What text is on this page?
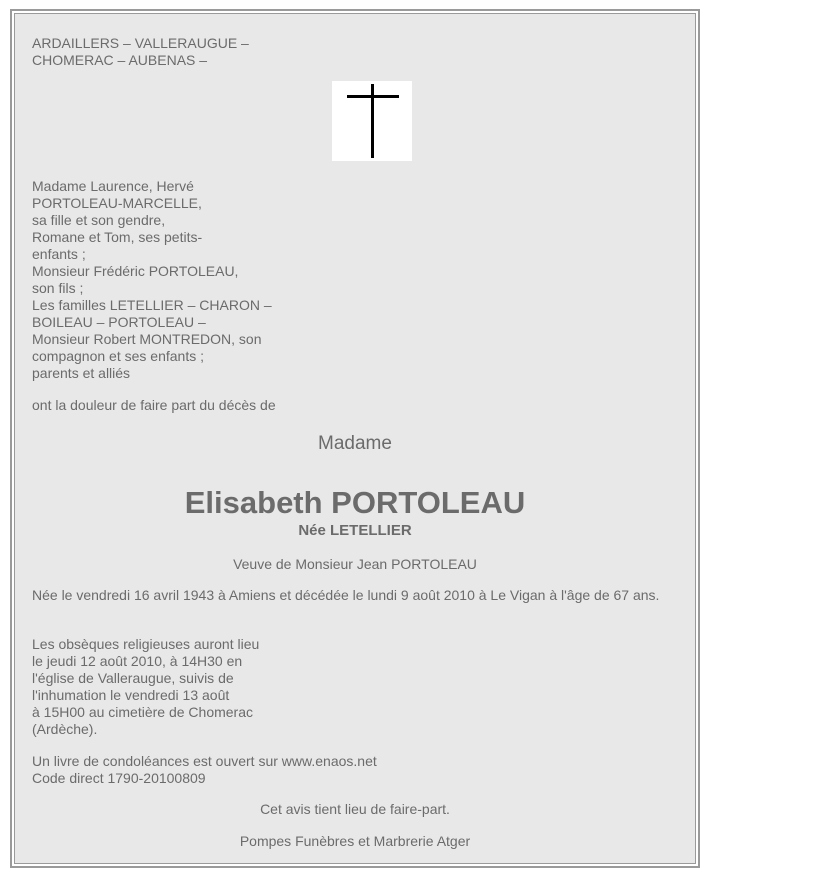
ARDAILLERS – VALLERAUGUE –
CHOMERAC – AUBENAS –
Madame Laurence, Hervé
PORTOLEAU-MARCELLE,
sa fille et son gendre,
Romane et Tom, ses petits-
enfants ;
Monsieur Frédéric PORTOLEAU,
son fils ;
Les familles LETELLIER – CHARON –
BOILEAU – PORTOLEAU –
Monsieur Robert MONTREDON, son
compagnon et ses enfants ;
parents et alliés
ont la douleur de faire part du décès de
Madame
Elisabeth PORTOLEAU
Née LETELLIER
Veuve de Monsieur Jean PORTOLEAU
Née le vendredi 16 avril 1943 à Amiens et décédée le lundi 9 août 2010 à Le Vigan à l'âge de 67 ans.
Les obsèques religieuses auront lieu
le jeudi 12 août 2010, à 14H30 en
l'église de Valleraugue, suivis de
l'inhumation le vendredi 13 août
à 15H00 au cimetière de Chomerac
(Ardèche).
Un livre de condoléances est ouvert sur www.enaos.net
Code direct 1790-20100809
Cet avis tient lieu de faire-part.
Pompes Funèbres et Marbrerie Atger
